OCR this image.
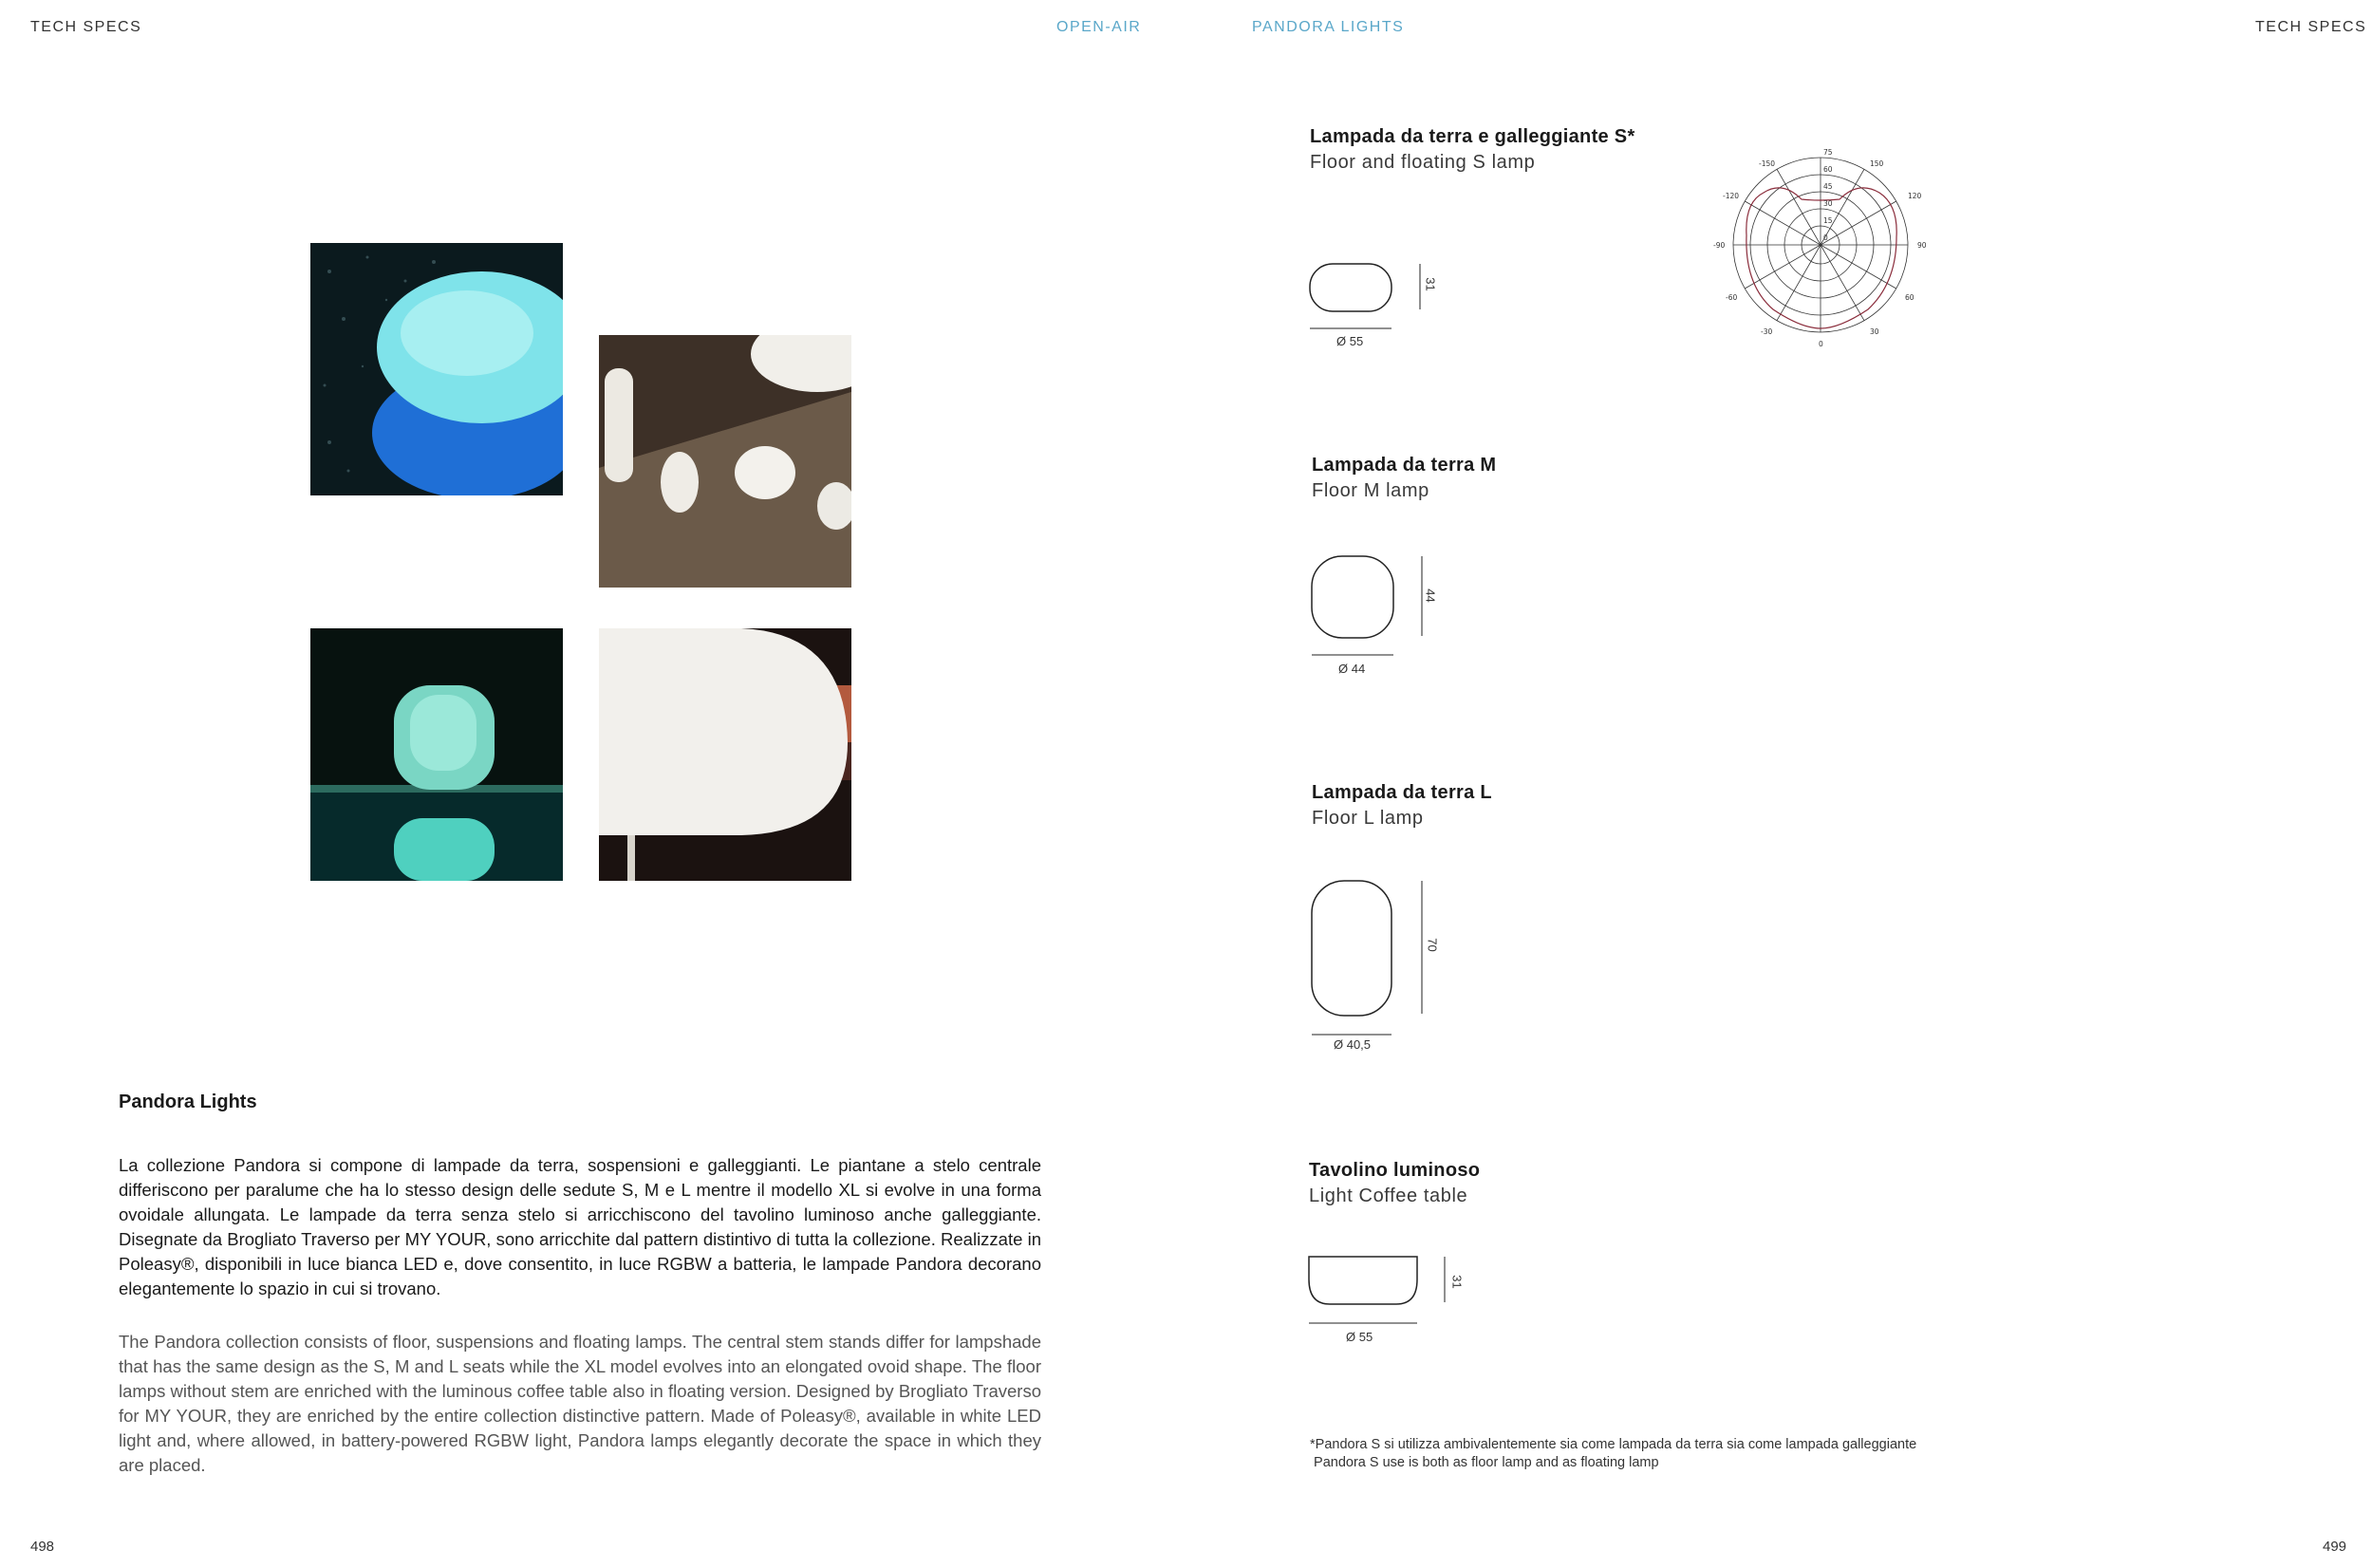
TECH SPECS	OPEN-AIR	PANDORA LIGHTS	TECH SPECS
Pandora Lights
La collezione Pandora si compone di lampade da terra, sospensioni e galleggianti. Le piantane a stelo centrale differiscono per paralume che ha lo stesso design delle sedute S, M e L mentre il modello XL si evolve in una forma ovoidale allungata. Le lampade da terra senza stelo si arricchiscono del tavolino luminoso anche galleggiante. Disegnate da Brogliato Traverso per MY YOUR, sono arricchite dal pattern distintivo di tutta la collezione. Realizzate in Poleasy®, disponibili in luce bianca LED e, dove consentito, in luce RGBW a batteria, le lampade Pandora decorano elegantemente lo spazio in cui si trovano.
The Pandora collection consists of floor, suspensions and floating lamps. The central stem stands differ for lampshade that has the same design as the S, M and L seats while the XL model evolves into an elongated ovoid shape. The floor lamps without stem are enriched with the luminous coffee table also in floating version. Designed by Brogliato Traverso for MY YOUR, they are enriched by the entire collection distinctive pattern. Made of Poleasy®, available in white LED light and, where allowed, in battery-powered RGBW light, Pandora lamps elegantly decorate the space in which they are placed.
Lampada da terra e galleggiante S*
Floor and floating S lamp
Ø 55
31
75
60
45
30
15
0
-150	150
-120	120
-90	90
-60	60
-30	30
0
Lampada da terra M
Floor M lamp
Ø 44
44
Lampada da terra L
Floor L lamp
Ø 40,5
70
Tavolino luminoso
Light Coffee table
Ø 55
31
*Pandora S si utilizza ambivalentemente sia come lampada da terra sia come lampada galleggiante
Pandora S use is both as floor lamp and as floating lamp
498	499
